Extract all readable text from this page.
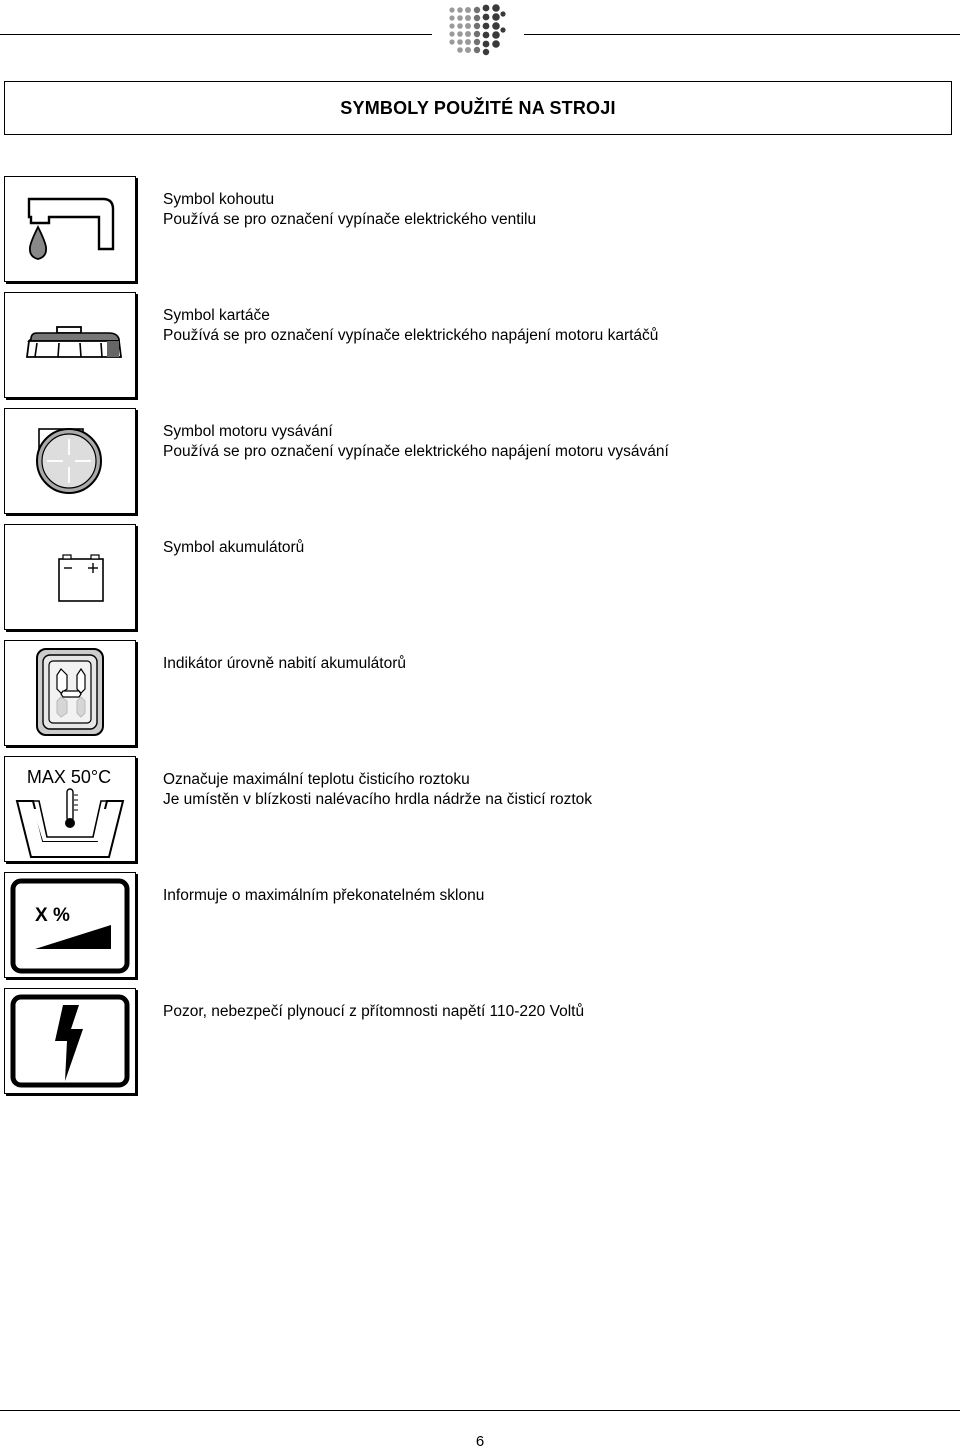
SYMBOLY POUŽITÉ NA STROJI
Symbol kohoutu
Používá se pro označení vypínače elektrického ventilu
Symbol kartáče
Používá se pro označení vypínače elektrického napájení motoru kartáčů
Symbol motoru vysávání
Používá se pro označení vypínače elektrického napájení motoru vysávání
Symbol akumulátorů
Indikátor úrovně nabití akumulátorů
MAX 50°C	Označuje maximální teplotu čisticího roztoku
Je umístěn v blízkosti nalévacího hrdla nádrže na čisticí roztok
X %
Informuje o maximálním překonatelném sklonu
Pozor, nebezpečí plynoucí z přítomnosti napětí 110-220 Voltů
6
